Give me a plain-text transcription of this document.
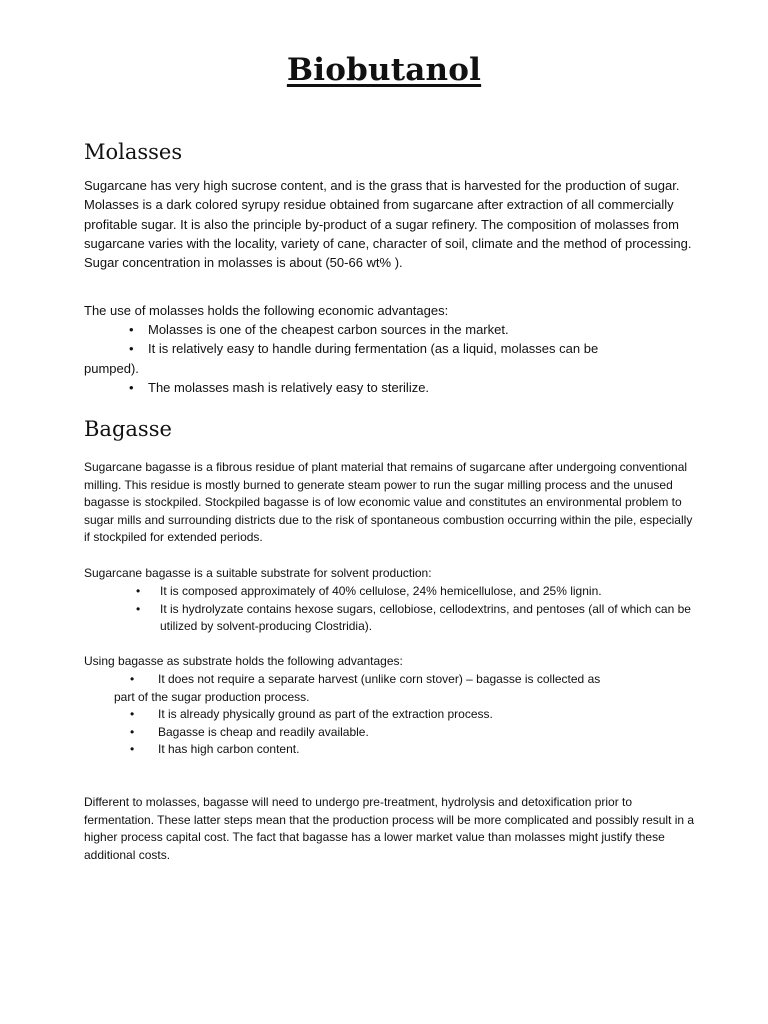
Biobutanol
Molasses
Sugarcane has very high sucrose content, and is the grass that is harvested for the production of sugar. Molasses is a dark colored syrupy residue obtained from sugarcane after extraction of all commercially profitable sugar. It is also the principle by-product of a sugar refinery. The composition of molasses from sugarcane varies with the locality, variety of cane, character of soil, climate and the method of processing. Sugar concentration in molasses is about (50-66 wt% ).
The use of molasses holds the following economic advantages:
• Molasses is one of the cheapest carbon sources in the market.
• It is relatively easy to handle during fermentation (as a liquid, molasses can be
pumped).
• The molasses mash is relatively easy to sterilize.
Bagasse
Sugarcane bagasse is a fibrous residue of plant material that remains of sugarcane after undergoing conventional milling. This residue is mostly burned to generate steam power to run the sugar milling process and the unused bagasse is stockpiled. Stockpiled bagasse is of low economic value and constitutes an environmental problem to sugar mills and surrounding districts due to the risk of spontaneous combustion occurring within the pile, especially if stockpiled for extended periods.
Sugarcane bagasse is a suitable substrate for solvent production:
• It is composed approximately of 40% cellulose, 24% hemicellulose, and 25% lignin.
• It is hydrolyzate contains hexose sugars, cellobiose, cellodextrins, and pentoses (all of which can be utilized by solvent-producing Clostridia).
Using bagasse as substrate holds the following advantages:
• It does not require a separate harvest (unlike corn stover) – bagasse is collected as
part of the sugar production process.
• It is already physically ground as part of the extraction process.
• Bagasse is cheap and readily available.
• It has high carbon content.
Different to molasses, bagasse will need to undergo pre-treatment, hydrolysis and detoxification prior to fermentation. These latter steps mean that the production process will be more complicated and possibly result in a higher process capital cost. The fact that bagasse has a lower market value than molasses might justify these additional costs.
